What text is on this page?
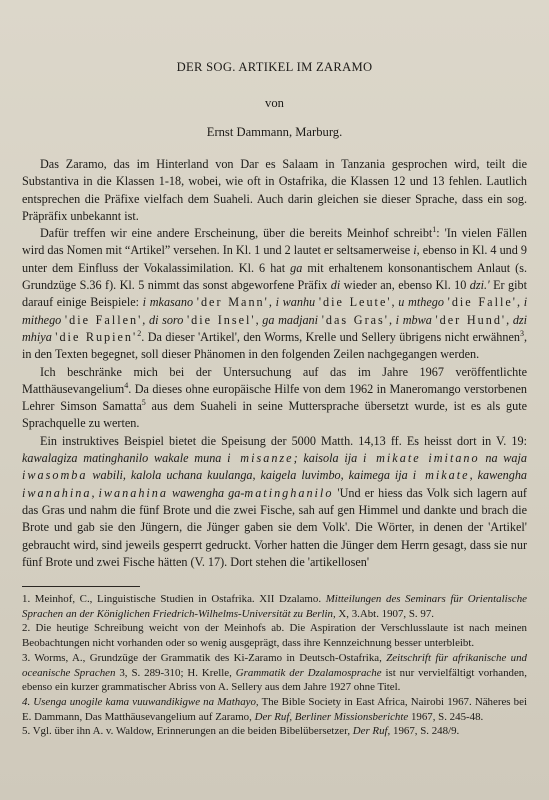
DER SOG. ARTIKEL IM ZARAMO
von
Ernst Dammann, Marburg.

Das Zaramo, das im Hinterland von Dar es Salaam in Tanzania gesprochen wird, teilt die Substantiva in die Klassen 1-18, wobei, wie oft in Ostafrika, die Klassen 12 und 13 fehlen. Lautlich entsprechen die Präfixe vielfach dem Suaheli. Auch darin gleichen sie dieser Sprache, dass ein sog. Präpräfix unbekannt ist.

Dafür treffen wir eine andere Erscheinung, über die bereits Meinhof schreibt$^1$: 'In vielen Fällen wird das Nomen mit “Artikel” versehen. In Kl. 1 und 2 lautet er seltsamerweise i, ebenso in Kl. 4 und 9 unter dem Einfluss der Vokalassimilation. Kl. 6 hat ga mit erhaltenem konsonantischem Anlaut (s. Grundzüge S.36 f). Kl. 5 nimmt das sonst abgeworfene Präfix di wieder an, ebenso Kl. 10 dzi.' Er gibt darauf einige Beispiele: i mkasano 'der Mann', i wanhu 'die Leute', u mthego 'die Falle', i mithego 'die Fallen', di soro 'die Insel', ga madjani 'das Gras', i mbwa 'der Hund', dzi mhiya 'die $Rupien'^2$. Da dieser 'Artikel', den Worms, Krelle und Sellery übrigens nicht erwähnen$^3$, in den Texten begegnet, soll dieser Phänomen in den folgenden Zeilen nachgegangen werden.

Ich beschränke mich bei der Untersuchung auf das im Jahre 1967 veröffentlichte Matthäusevangelium$^4$. Da dieses ohne europäische Hilfe von dem 1962 in Maneromango verstorbenen Lehrer Simson Samatta$^5$ aus dem Suaheli in seine Muttersprache übersetzt wurde, ist es als gute Sprachquelle zu werten.

Ein instruktives Beispiel bietet die Speisung der 5000 Matth. 14,13 ff. Es heisst dort in V. 19: kawalagiza matinghanilo wakale muna i misanze; kaisola ija i mikate imitano na waja iwasomba wabili, kalola uchana kuulanga, kaigela luvimbo, kaimega ija i mikate, kawengha iwanahina, iwanahina wawengha ga-matinghanilo 'Und er hiess das Volk sich lagern auf das Gras und nahm die fünf Brote und die zwei Fische, sah auf gen Himmel und dankte und brach die Brote und gab sie den Jüngern, die Jünger gaben sie dem Volk'. Die Wörter, in denen der 'Artikel' gebraucht wird, sind jeweils gesperrt gedruckt. Vorher hatten die Jünger dem Herrn gesagt, dass sie nur fünf Brote und zwei Fische hätten (V. 17). Dort stehen die 'artikellosen'

1. Meinhof, C., Linguistische Studien in Ostafrika. XII Dzalamo. Mitteilungen des Seminars für Orientalische Sprachen an der Königlichen Friedrich-Wilhelms-Universität zu Berlin, X, 3.Abt. 1907, S. 97.
2. Die heutige Schreibung weicht von der Meinhofs ab. Die Aspiration der Verschlusslaute ist nach meinen Beobachtungen nicht vorhanden oder so wenig ausgeprägt, dass ihre Kennzeichnung besser unterbleibt.
3. Worms, A., Grundzüge der Grammatik des Ki-Zaramo in Deutsch-Ostafrika, Zeitschrift für afrikanische und oceanische Sprachen 3, S. 289-310; H. Krelle, Grammatik der Dzalamosprache ist nur vervielfältigt vorhanden, ebenso ein kurzer grammatischer Abriss von A. Sellery aus dem Jahre 1927 ohne Titel.
4. Usenga unogile kama vuuwandikigwe na Mathayo, The Bible Society in East Africa, Nairobi 1967. Näheres bei E. Dammann, Das Matthäusevangelium auf Zaramo, Der Ruf, Berliner Missionsberichte 1967, S. 245-48.
5. Vgl. über ihn A. v. Waldow, Erinnerungen an die beiden Bibelübersetzer, Der Ruf, 1967, S. 248/9.
